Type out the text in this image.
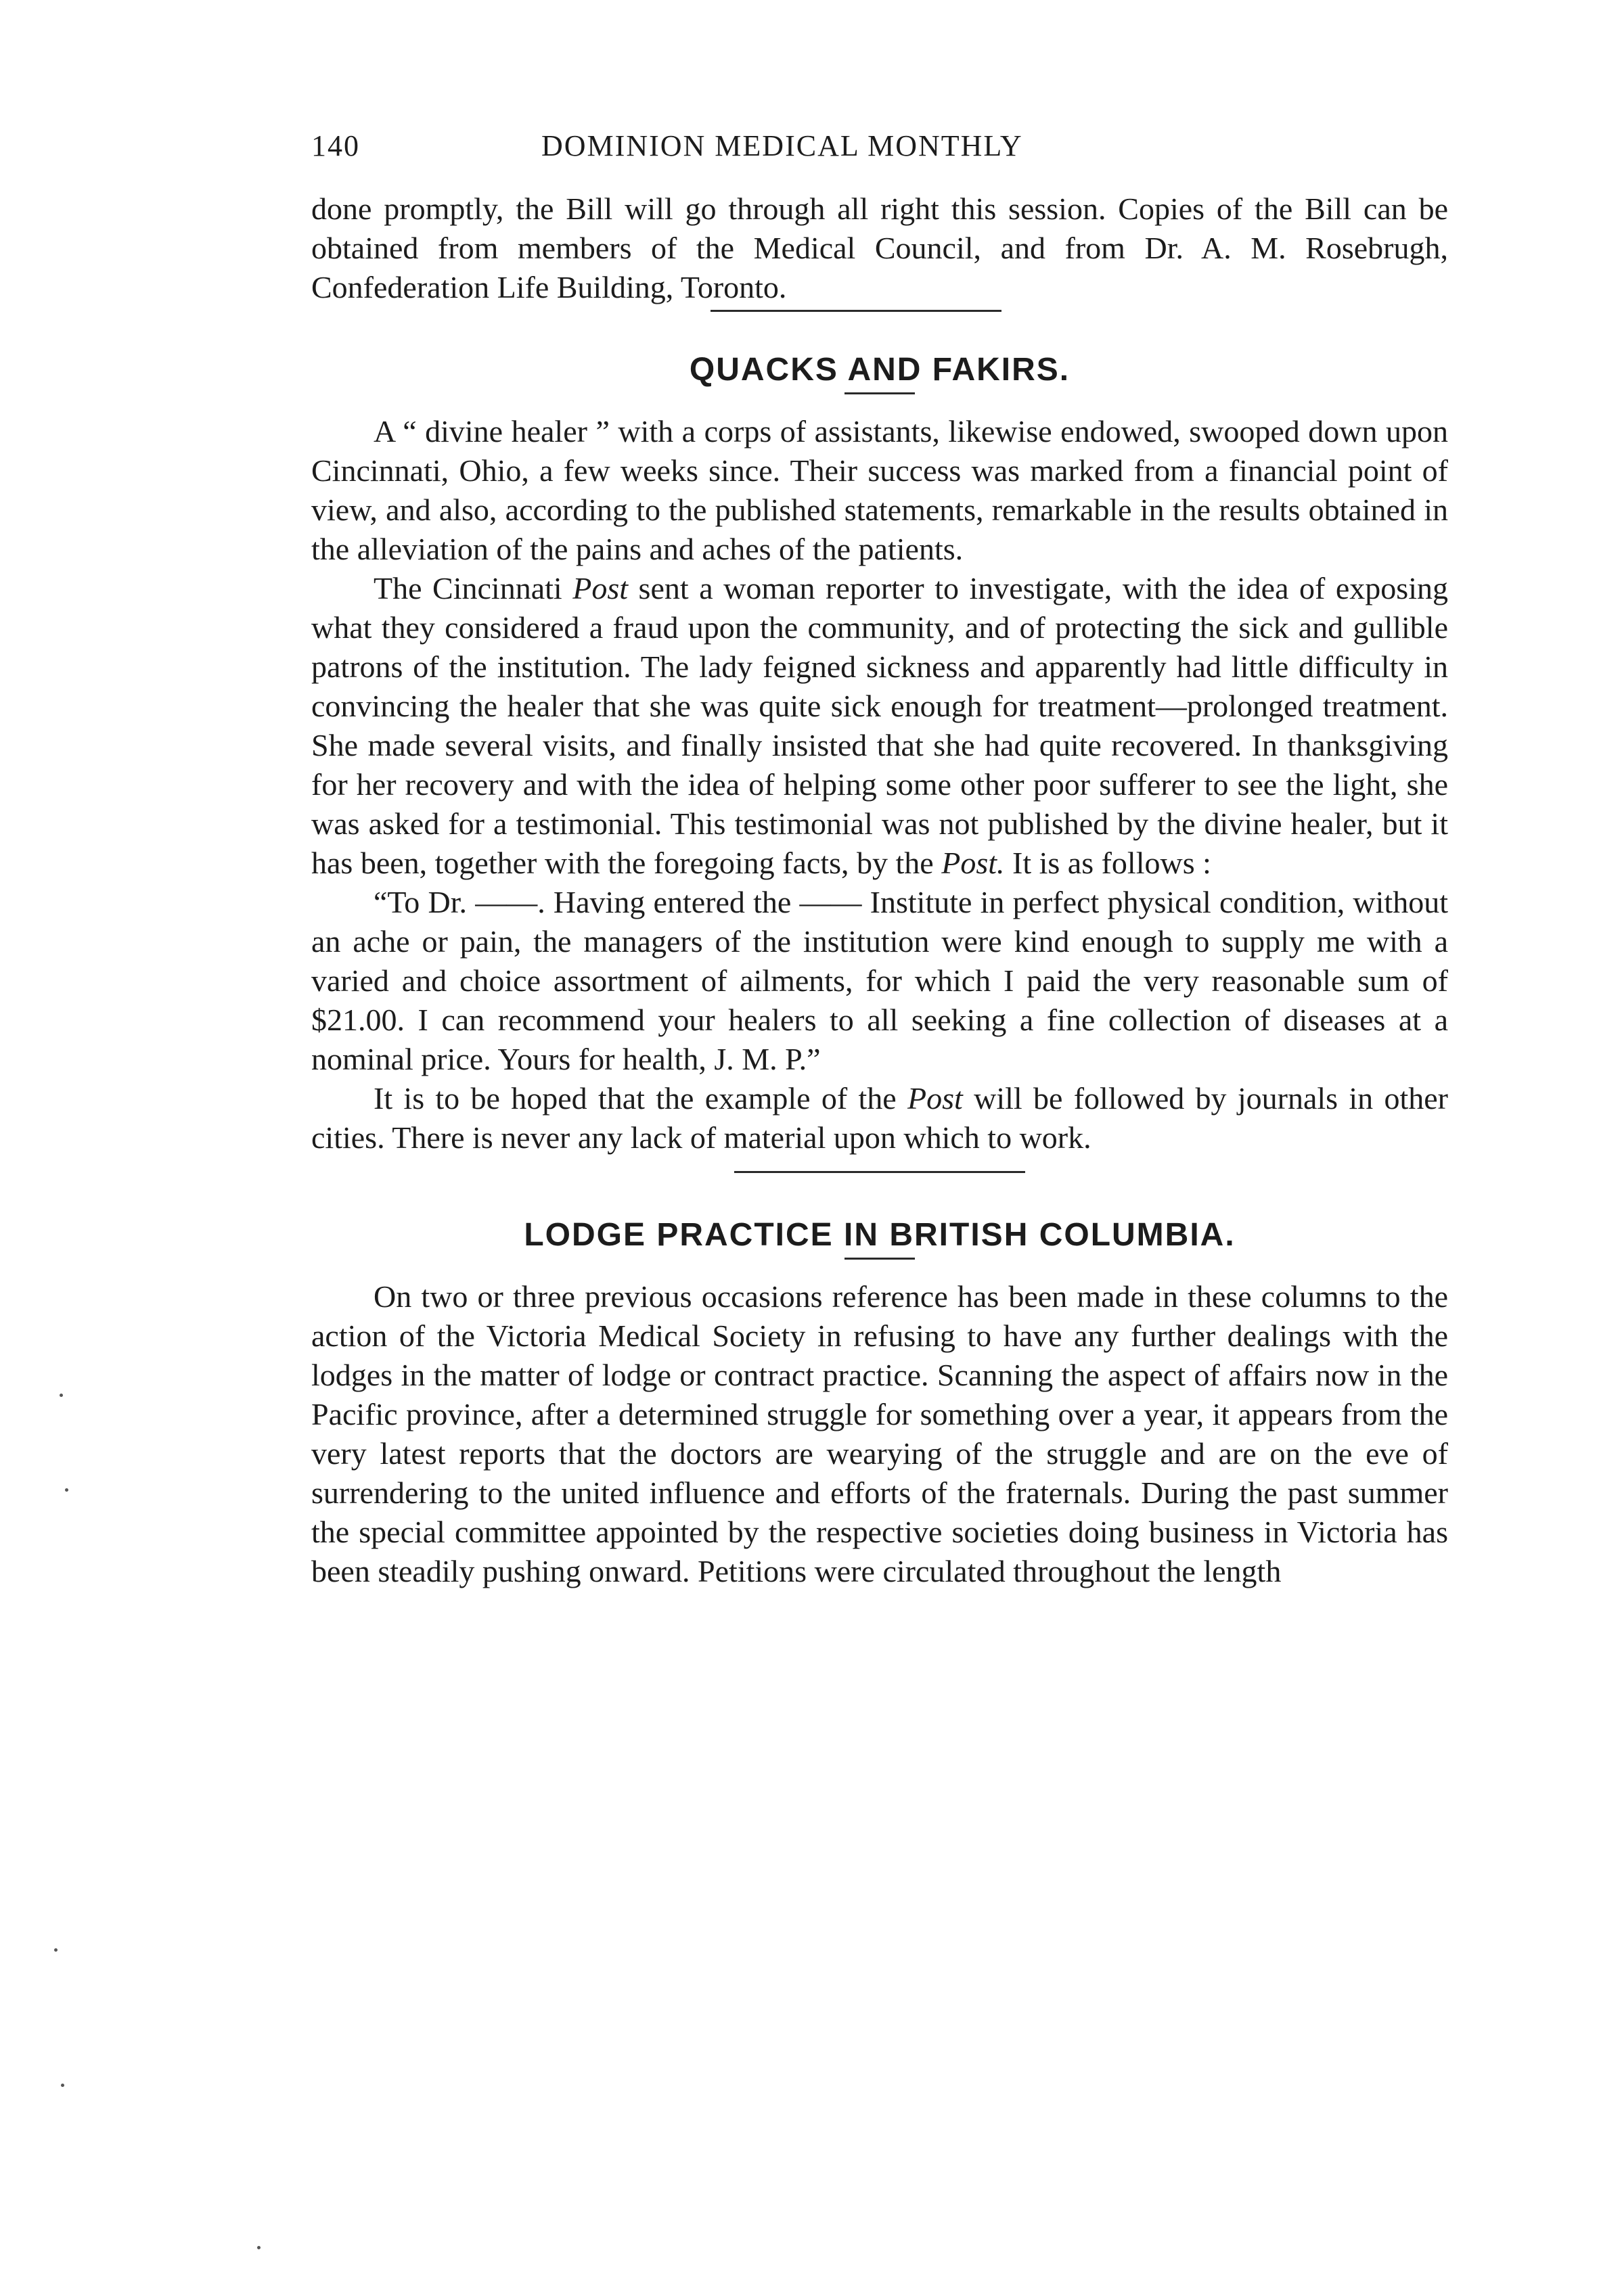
140	DOMINION MEDICAL MONTHLY

done promptly, the Bill will go through all right this session. Copies of the Bill can be obtained from members of the Medical Council, and from Dr. A. M. Rosebrugh, Confederation Life Building, Toronto.

QUACKS AND FAKIRS.

A “ divine healer ” with a corps of assistants, likewise endowed, swooped down upon Cincinnati, Ohio, a few weeks since. Their success was marked from a financial point of view, and also, according to the published statements, remarkable in the results obtained in the alleviation of the pains and aches of the patients.

The Cincinnati Post sent a woman reporter to investigate, with the idea of exposing what they considered a fraud upon the community, and of protecting the sick and gullible patrons of the institution. The lady feigned sickness and apparently had little difficulty in convincing the healer that she was quite sick enough for treatment—prolonged treatment. She made several visits, and finally insisted that she had quite recovered. In thanksgiving for her recovery and with the idea of helping some other poor sufferer to see the light, she was asked for a testimonial. This testimonial was not published by the divine healer, but it has been, together with the foregoing facts, by the Post. It is as follows :

“To Dr. ——. Having entered the —— Institute in perfect physical condition, without an ache or pain, the managers of the institution were kind enough to supply me with a varied and choice assortment of ailments, for which I paid the very reasonable sum of $21.00. I can recommend your healers to all seeking a fine collection of diseases at a nominal price. Yours for health, J. M. P.”

It is to be hoped that the example of the Post will be followed by journals in other cities. There is never any lack of material upon which to work.

LODGE PRACTICE IN BRITISH COLUMBIA.

On two or three previous occasions reference has been made in these columns to the action of the Victoria Medical Society in refusing to have any further dealings with the lodges in the matter of lodge or contract practice. Scanning the aspect of affairs now in the Pacific province, after a determined struggle for something over a year, it appears from the very latest reports that the doctors are wearying of the struggle and are on the eve of surrendering to the united influence and efforts of the fraternals. During the past summer the special committee appointed by the respective societies doing business in Victoria has been steadily pushing onward. Petitions were circulated throughout the length
